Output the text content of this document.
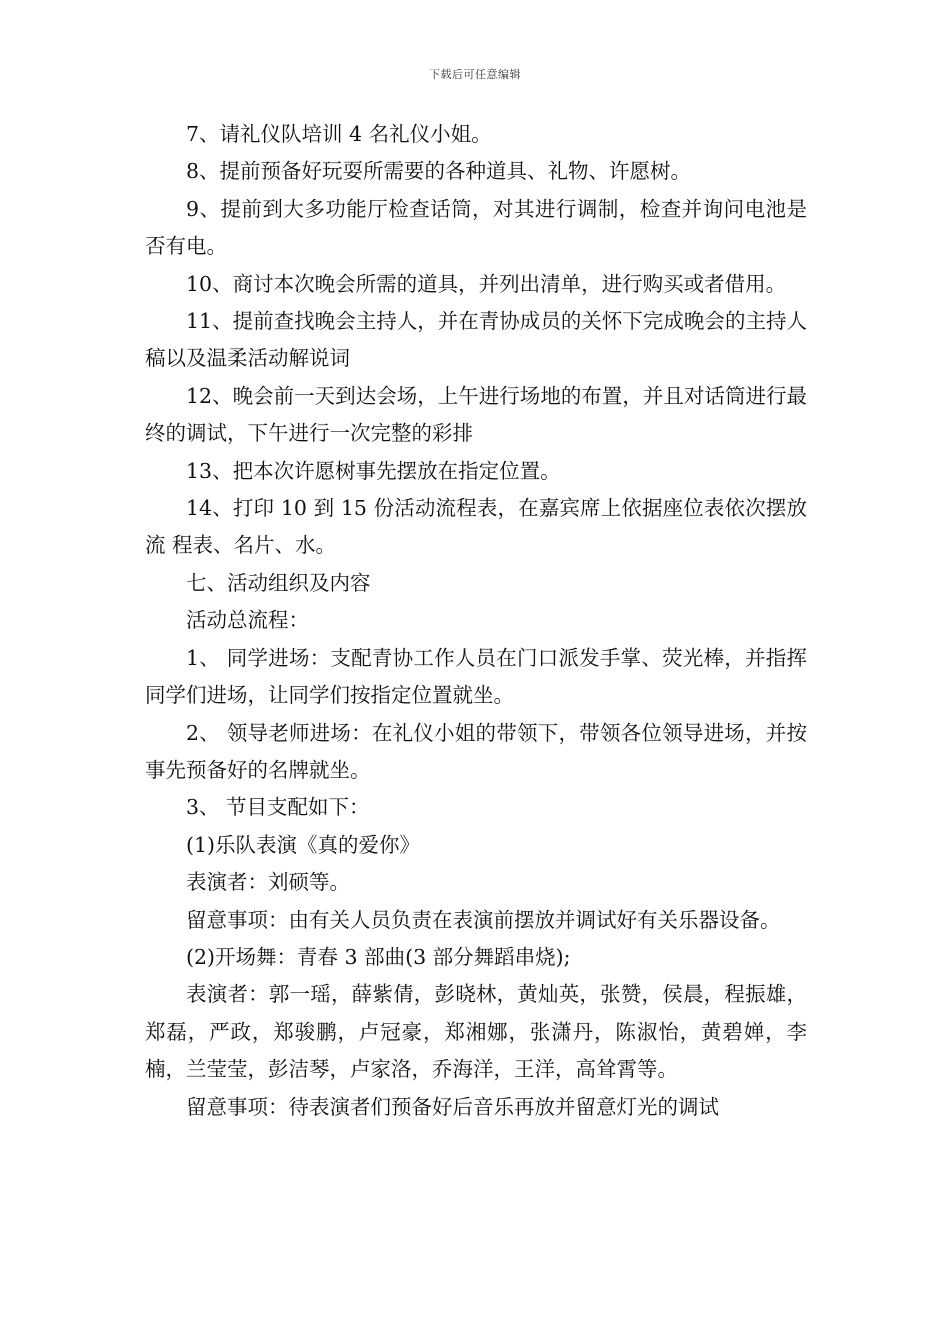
下载后可任意编辑

7、请礼仪队培训 4 名礼仪小姐。

8、提前预备好玩耍所需要的各种道具、礼物、许愿树。

9、提前到大多功能厅检查话筒，对其进行调制，检查并询问电池是否有电。

10、商讨本次晚会所需的道具，并列出清单，进行购买或者借用。

11、提前查找晚会主持人，并在青协成员的关怀下完成晚会的主持人稿以及温柔活动解说词

12、晚会前一天到达会场，上午进行场地的布置，并且对话筒进行最终的调试，下午进行一次完整的彩排

13、把本次许愿树事先摆放在指定位置。

14、打印 10 到 15 份活动流程表，在嘉宾席上依据座位表依次摆放流 程表、名片、水。

七、活动组织及内容

活动总流程：

1、 同学进场：支配青协工作人员在门口派发手掌、荧光棒，并指挥同学们进场，让同学们按指定位置就坐。

2、 领导老师进场：在礼仪小姐的带领下，带领各位领导进场，并按事先预备好的名牌就坐。

3、 节目支配如下：

(1)乐队表演《真的爱你》

表演者：刘硕等。

留意事项：由有关人员负责在表演前摆放并调试好有关乐器设备。

(2)开场舞：青春 3 部曲(3 部分舞蹈串烧);

表演者：郭一瑶，薛紫倩，彭晓林，黄灿英，张赞，侯晨，程振雄，郑磊，严政，郑骏鹏，卢冠豪，郑湘娜，张潇丹，陈淑怡，黄碧婵，李楠，兰莹莹，彭洁琴，卢家洛，乔海洋，王洋，高耸霄等。

留意事项：待表演者们预备好后音乐再放并留意灯光的调试
